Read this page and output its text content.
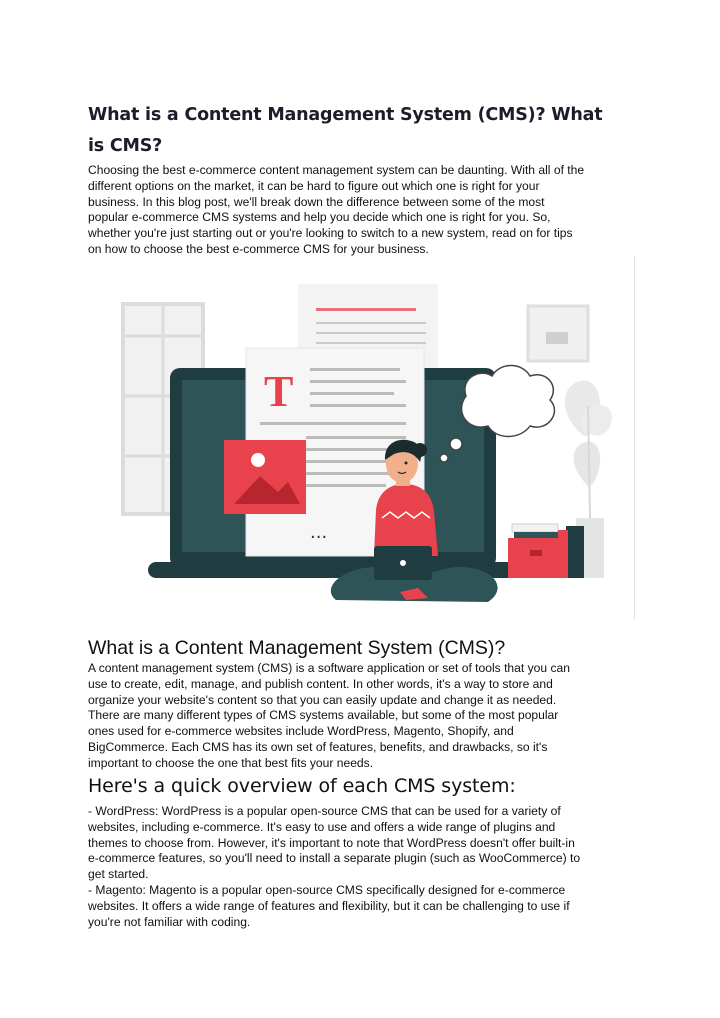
What is a Content Management System (CMS)? What
is CMS?
Choosing the best e-commerce content management system can be daunting. With all of the
different options on the market, it can be hard to figure out which one is right for your
business. In this blog post, we'll break down the difference between some of the most
popular e-commerce CMS systems and help you decide which one is right for you. So,
whether you're just starting out or you're looking to switch to a new system, read on for tips
on how to choose the best e-commerce CMS for your business.
T
...
What is a Content Management System (CMS)?
A content management system (CMS) is a software application or set of tools that you can
use to create, edit, manage, and publish content. In other words, it's a way to store and
organize your website's content so that you can easily update and change it as needed.
There are many different types of CMS systems available, but some of the most popular
ones used for e-commerce websites include WordPress, Magento, Shopify, and
BigCommerce. Each CMS has its own set of features, benefits, and drawbacks, so it's
important to choose the one that best fits your needs.
Here's a quick overview of each CMS system:
- WordPress: WordPress is a popular open-source CMS that can be used for a variety of
websites, including e-commerce. It's easy to use and offers a wide range of plugins and
themes to choose from. However, it's important to note that WordPress doesn't offer built-in
e-commerce features, so you'll need to install a separate plugin (such as WooCommerce) to
get started.
- Magento: Magento is a popular open-source CMS specifically designed for e-commerce
websites. It offers a wide range of features and flexibility, but it can be challenging to use if
you're not familiar with coding.
